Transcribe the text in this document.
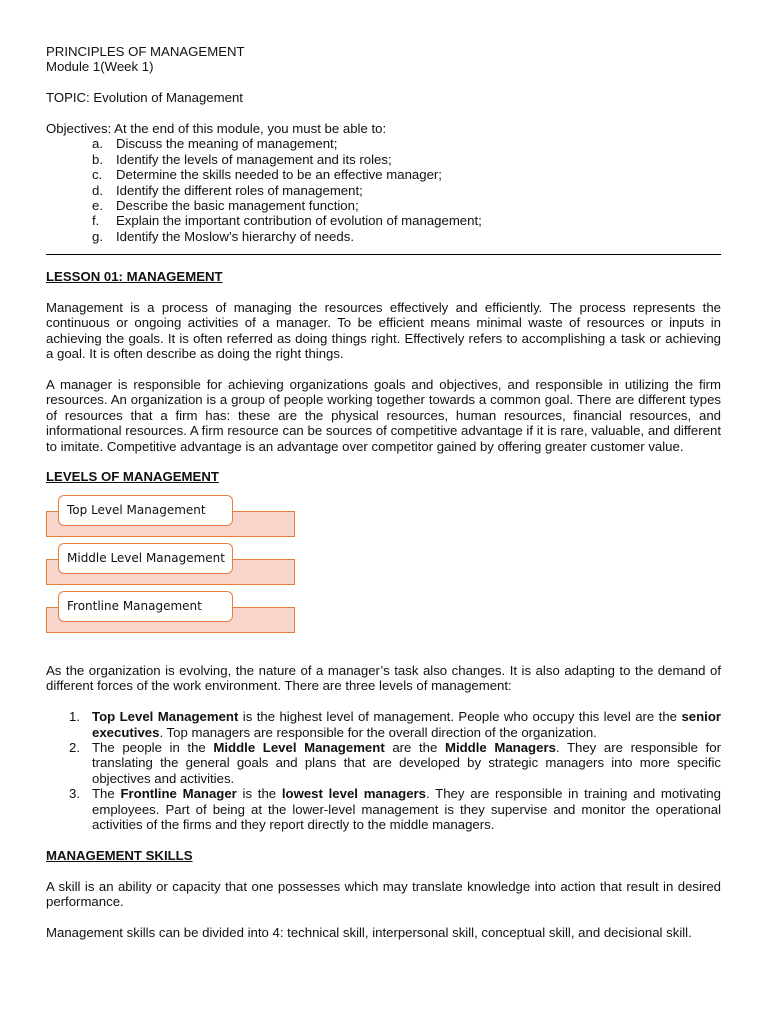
PRINCIPLES OF MANAGEMENT

Module 1(Week 1)

TOPIC: Evolution of Management

Objectives: At the end of this module, you must be able to:

a. Discuss the meaning of management;
b. Identify the levels of management and its roles;
c. Determine the skills needed to be an effective manager;
d. Identify the different roles of management;
e. Describe the basic management function;
f. Explain the important contribution of evolution of management;
g. Identify the Moslow’s hierarchy of needs.

LESSON 01: MANAGEMENT

Management is a process of managing the resources effectively and efficiently. The process represents the continuous or ongoing activities of a manager. To be efficient means minimal waste of resources or inputs in achieving the goals. It is often referred as doing things right. Effectively refers to accomplishing a task or achieving a goal. It is often describe as doing the right things.

A manager is responsible for achieving organizations goals and objectives, and responsible in utilizing the firm resources. An organization is a group of people working together towards a common goal. There are different types of resources that a firm has: these are the physical resources, human resources, financial resources, and informational resources. A firm resource can be sources of competitive advantage if it is rare, valuable, and different to imitate. Competitive advantage is an advantage over competitor gained by offering greater customer value.

LEVELS OF MANAGEMENT

Top Level Management
Middle Level Management
Frontline Management

As the organization is evolving, the nature of a manager’s task also changes. It is also adapting to the demand of different forces of the work environment. There are three levels of management:

1. Top Level Management is the highest level of management. People who occupy this level are the senior executives. Top managers are responsible for the overall direction of the organization.
2. The people in the Middle Level Management are the Middle Managers. They are responsible for translating the general goals and plans that are developed by strategic managers into more specific objectives and activities.
3. The Frontline Manager is the lowest level managers. They are responsible in training and motivating employees. Part of being at the lower-level management is they supervise and monitor the operational activities of the firms and they report directly to the middle managers.

MANAGEMENT SKILLS

A skill is an ability or capacity that one possesses which may translate knowledge into action that result in desired performance.

Management skills can be divided into 4: technical skill, interpersonal skill, conceptual skill, and decisional skill.
